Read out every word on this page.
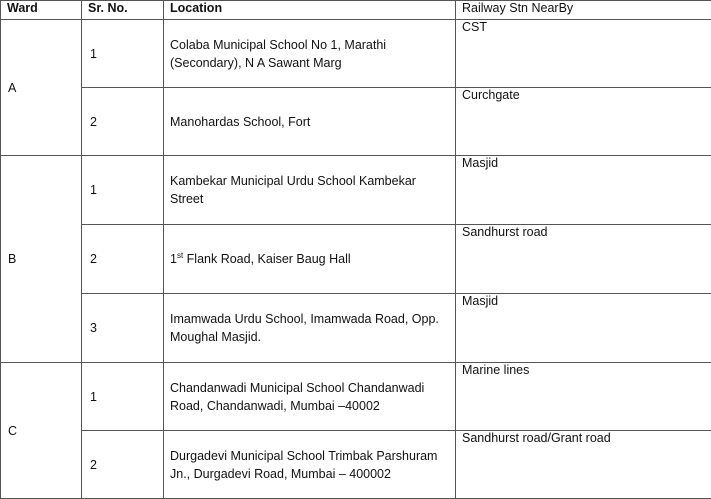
Ward	Sr. No.	Location	Railway Stn NearBy
A	1	Colaba Municipal School No 1, Marathi (Secondary), N A Sawant Marg	CST
	2	Manohardas School, Fort	Curchgate
B	1	Kambekar Municipal Urdu School Kambekar Street	Masjid
	2	1st Flank Road, Kaiser Baug Hall	Sandhurst road
	3	Imamwada Urdu School, Imamwada Road, Opp. Moughal Masjid.	Masjid
C	1	Chandanwadi Municipal School Chandanwadi Road, Chandanwadi, Mumbai –40002	Marine lines
	2	Durgadevi Municipal School Trimbak Parshuram Jn., Durgadevi Road, Mumbai – 400002	Sandhurst road/Grant road
